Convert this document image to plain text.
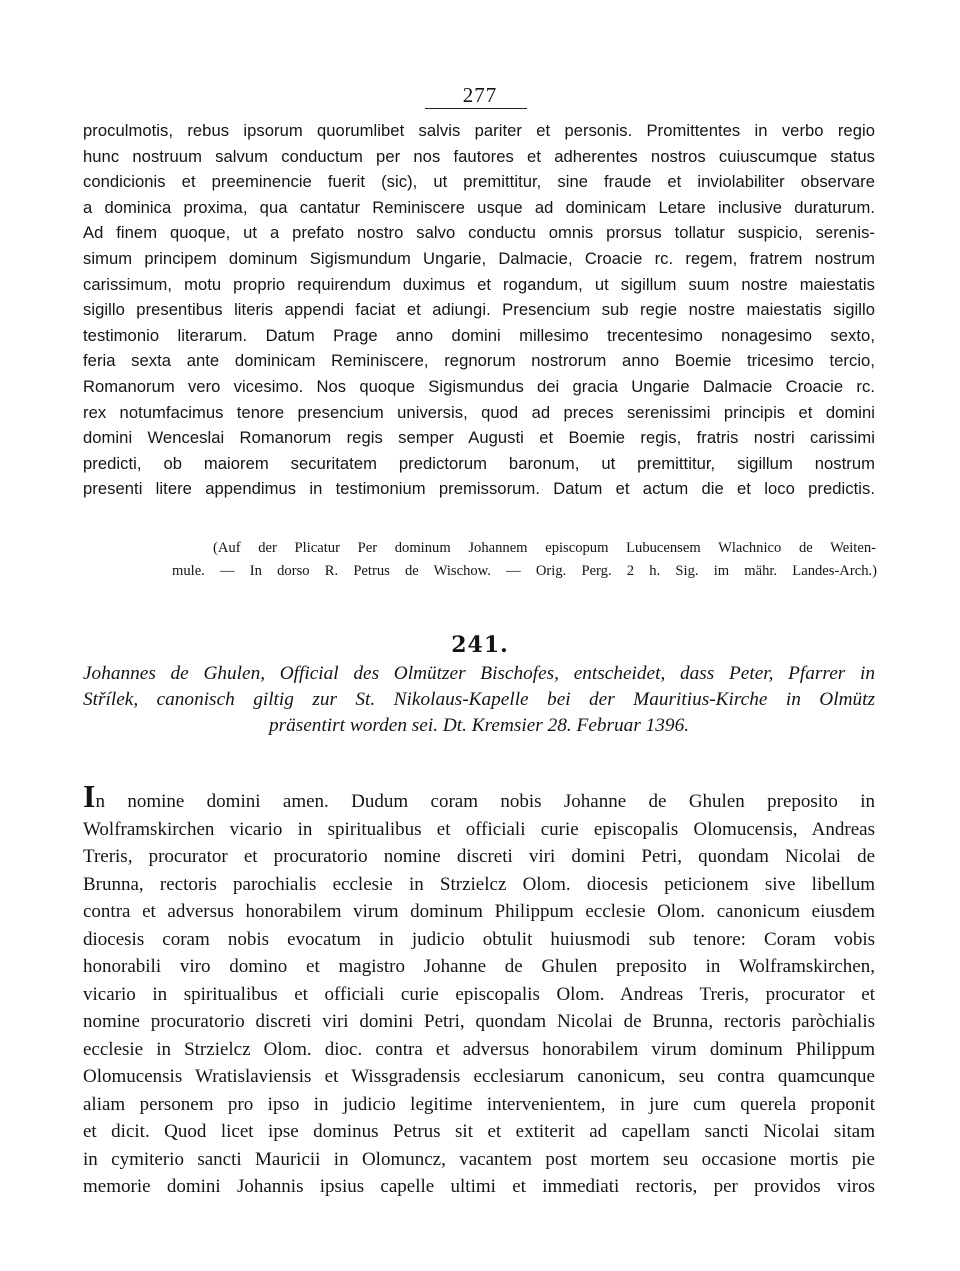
277
proculmotis, rebus ipsorum quorumlibet salvis pariter et personis. Promittentes in verbo regio
hunc nostruum salvum conductum per nos fautores et adherentes nostros cuiuscumque status
condicionis et preeminencie fuerit (sic), ut premittitur, sine fraude et inviolabiliter observare
a dominica proxima, qua cantatur Reminiscere usque ad dominicam Letare inclusive duraturum.
Ad finem quoque, ut a prefato nostro salvo conductu omnis prorsus tollatur suspicio, serenis-
simum principem dominum Sigismundum Ungarie, Dalmacie, Croacie rc. regem, fratrem nostrum
carissimum, motu proprio requirendum duximus et rogandum, ut sigillum suum nostre maiestatis
sigillo presentibus literis appendi faciat et adiungi. Presencium sub regie nostre maiestatis sigillo
testimonio literarum. Datum Prage anno domini millesimo trecentesimo nonagesimo sexto,
feria sexta ante dominicam Reminiscere, regnorum nostrorum anno Boemie tricesimo tercio,
Romanorum vero vicesimo. Nos quoque Sigismundus dei gracia Ungarie Dalmacie Croacie rc.
rex notumfacimus tenore presencium universis, quod ad preces serenissimi principis et domini
domini Wenceslai Romanorum regis semper Augusti et Boemie regis, fratris nostri carissimi
predicti, ob maiorem securitatem predictorum baronum, ut premittitur, sigillum nostrum
presenti litere appendimus in testimonium premissorum. Datum et actum die et loco predictis.
(Auf der Plicatur Per dominum Johannem episcopum Lubucensem Wlachnico de Weiten-
mule. — In dorso R. Petrus de Wischow. — Orig. Perg. 2 h. Sig. im mähr. Landes-Arch.)
241.
Johannes de Ghulen, Official des Olmützer Bischofes, entscheidet, dass Peter, Pfarrer in
Střílek, canonisch giltig zur St. Nikolaus-Kapelle bei der Mauritius-Kirche in Olmütz
präsentirt worden sei. Dt. Kremsier 28. Februar 1396.
In nomine domini amen. Dudum coram nobis Johanne de Ghulen preposito in
Wolframskirchen vicario in spiritualibus et officiali curie episcopalis Olomucensis, Andreas
Treris, procurator et procuratorio nomine discreti viri domini Petri, quondam Nicolai de
Brunna, rectoris parochialis ecclesie in Strzielcz Olom. diocesis peticionem sive libellum
contra et adversus honorabilem virum dominum Philippum ecclesie Olom. canonicum eiusdem
diocesis coram nobis evocatum in judicio obtulit huiusmodi sub tenore: Coram vobis
honorabili viro domino et magistro Johanne de Ghulen preposito in Wolframskirchen,
vicario in spiritualibus et officiali curie episcopalis Olom. Andreas Treris, procurator et
nomine procuratorio discreti viri domini Petri, quondam Nicolai de Brunna, rectoris paròchialis
ecclesie in Strzielcz Olom. dioc. contra et adversus honorabilem virum dominum Philippum
Olomucensis Wratislaviensis et Wissgradensis ecclesiarum canonicum, seu contra quamcunque
aliam personem pro ipso in judicio legitime intervenientem, in jure cum querela proponit
et dicit. Quod licet ipse dominus Petrus sit et extiterit ad capellam sancti Nicolai sitam
in cymiterio sancti Mauricii in Olomuncz, vacantem post mortem seu occasione mortis pie
memorie domini Johannis ipsius capelle ultimi et immediati rectoris, per providos viros
